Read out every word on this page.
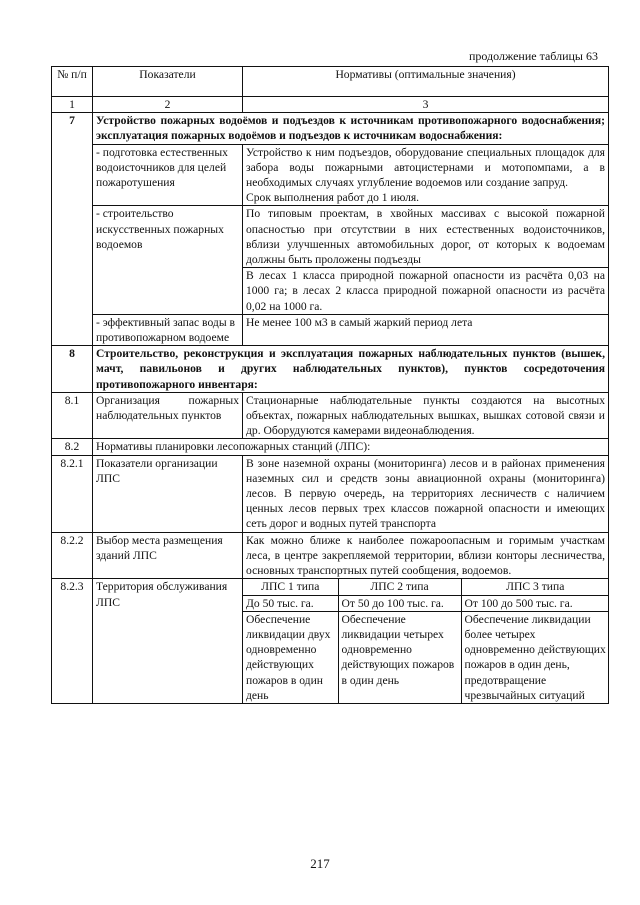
продолжение таблицы 63
№ п/п	Показатели	Нормативы (оптимальные значения)
1	2	3
7	Устройство пожарных водоёмов и подъездов к источникам противопожарного водоснабжения; эксплуатация пожарных водоёмов и подъездов к источникам водоснабжения:
- подготовка естественных водоисточников для целей пожаротушения	Устройство к ним подъездов, оборудование специальных площадок для забора воды пожарными автоцистернами и мотопомпами, а в необходимых случаях углубление водоемов или создание запруд.
Срок выполнения работ до 1 июля.
- строительство искусственных пожарных водоемов	По типовым проектам, в хвойных массивах с высокой пожарной опасностью при отсутствии в них естественных водоисточников, вблизи улучшенных автомобильных дорог, от которых к водоемам должны быть проложены подъезды
В лесах 1 класса природной пожарной опасности из расчёта 0,03 на 1000 га; в лесах 2 класса природной пожарной опасности из расчёта 0,02 на 1000 га.
- эффективный запас воды в противопожарном водоеме	Не менее 100 м3 в самый жаркий период лета
8	Строительство, реконструкция и эксплуатация пожарных наблюдательных пунктов (вышек, мачт, павильонов и других наблюдательных пунктов), пунктов сосредоточения противопожарного инвентаря:
8.1	Организация пожарных наблюдательных пунктов	Стационарные наблюдательные пункты создаются на высотных объектах, пожарных наблюдательных вышках, вышках сотовой связи и др. Оборудуются камерами видеонаблюдения.
8.2	Нормативы планировки лесопожарных станций (ЛПС):
8.2.1	Показатели организации ЛПС	В зоне наземной охраны (мониторинга) лесов и в районах применения наземных сил и средств зоны авиационной охраны (мониторинга) лесов. В первую очередь, на территориях лесничеств с наличием ценных лесов первых трех классов пожарной опасности и имеющих сеть дорог и водных путей транспорта
8.2.2	Выбор места размещения зданий ЛПС	Как можно ближе к наиболее пожароопасным и горимым участкам леса, в центре закрепляемой территории, вблизи конторы лесничества, основных транспортных путей сообщения, водоемов.
8.2.3	Территория обслуживания ЛПС	
ЛПС 1 типа	ЛПС 2 типа	ЛПС 3 типа
До 50 тыс. га.	От 50 до 100 тыс. га.	От 100 до 500 тыс. га.
Обеспечение ликвидации двух одновременно действующих пожаров в один день	Обеспечение ликвидации четырех одновременно действующих пожаров в один день	Обеспечение ликвидации более четырех одновременно действующих пожаров в один день, предотвращение чрезвычайных ситуаций
217
